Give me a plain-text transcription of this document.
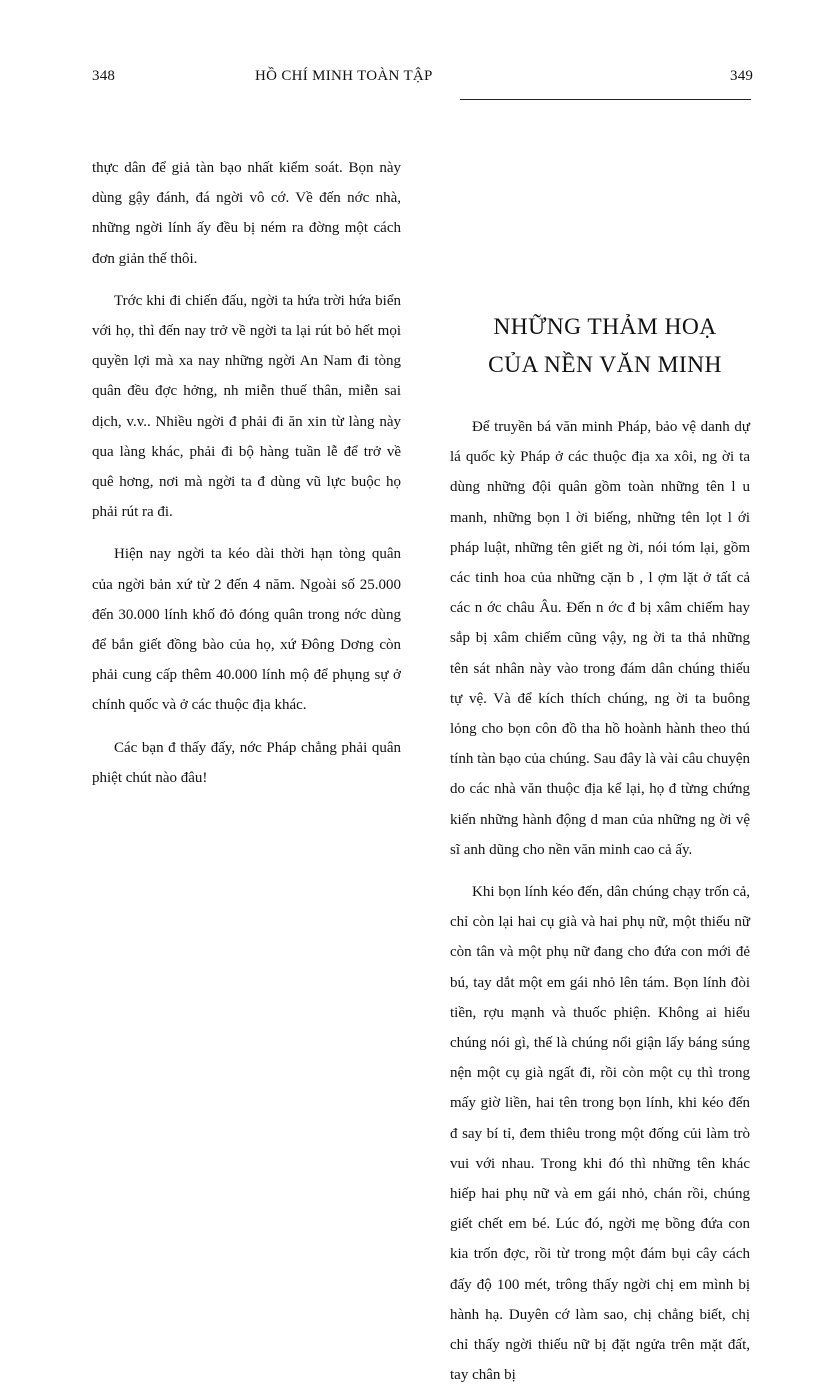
348

thực dân để giả tàn bạo nhất kiểm soát. Bọn này dùng gậy đánh, đá ngời vô cớ. Về đến nớc nhà, những ngời lính ấy đều bị ném ra đờng một cách đơn giản thế thôi.

Trớc khi đi chiến đấu, ngời ta hứa trời hứa biển với họ, thì đến nay trở về ngời ta lại rút bỏ hết mọi quyền lợi mà xa nay những ngời An Nam đi tòng quân đều đợc hởng, nh miễn thuế thân, miễn sai dịch, v.v.. Nhiều ngời đ phải đi ăn xin từ làng này qua làng khác, phải đi bộ hàng tuần lễ để trở về quê hơng, nơi mà ngời ta đ dùng vũ lực buộc họ phải rút ra đi.

Hiện nay ngời ta kéo dài thời hạn tòng quân của ngời bản xứ từ 2 đến 4 năm. Ngoài số 25.000 đến 30.000 lính khố đỏ đóng quân trong nớc dùng để bắn giết đồng bào của họ, xứ Đông Dơng còn phải cung cấp thêm 40.000 lính mộ để phụng sự ở chính quốc và ở các thuộc địa khác.

Các bạn đ thấy đấy, nớc Pháp chẳng phải quân phiệt chút nào đâu!

HỒ CHÍ MINH TOÀN TẬP	349
NHỮNG THẢM HOẠ
CỦA NỀN VĂN MINH

Để truyền bá văn minh Pháp, bảo vệ danh dự lá quốc kỳ Pháp ở các thuộc địa xa xôi, ng ời ta dùng những đội quân gồm toàn những tên l u manh, những bọn l ời biếng, những tên lọt l ới pháp luật, những tên giết ng ời, nói tóm lại, gồm các tinh hoa của những cặn b , l ợm lặt ở tất cả các n ớc châu Âu. Đến n ớc đ bị xâm chiếm hay sắp bị xâm chiếm cũng vậy, ng ời ta thả những tên sát nhân này vào trong đám dân chúng thiếu tự vệ. Và để kích thích chúng, ng ời ta buông lỏng cho bọn côn đồ tha hồ hoành hành theo thú tính tàn bạo của chúng. Sau đây là vài câu chuyện do các nhà văn thuộc địa kể lại, họ đ từng chứng kiến những hành động d man của những ng ời vệ sĩ anh dũng cho nền văn minh cao cả ấy.

Khi bọn lính kéo đến, dân chúng chạy trốn cả, chỉ còn lại hai cụ già và hai phụ nữ, một thiếu nữ còn tân và một phụ nữ đang cho đứa con mới đẻ bú, tay dắt một em gái nhỏ lên tám. Bọn lính đòi tiền, rợu mạnh và thuốc phiện. Không ai hiểu chúng nói gì, thế là chúng nổi giận lấy báng súng nện một cụ già ngất đi, rồi còn một cụ thì trong mấy giờ liền, hai tên trong bọn lính, khi kéo đến đ say bí tỉ, đem thiêu trong một đống củi làm trò vui với nhau. Trong khi đó thì những tên khác hiếp hai phụ nữ và em gái nhỏ, chán rồi, chúng giết chết em bé. Lúc đó, ngời mẹ bồng đứa con kia trốn đợc, rồi từ trong một đám bụi cây cách đấy độ 100 mét, trông thấy ngời chị em mình bị hành hạ. Duyên cớ làm sao, chị chẳng biết, chị chỉ thấy ngời thiếu nữ bị đặt ngửa trên mặt đất, tay chân bị
